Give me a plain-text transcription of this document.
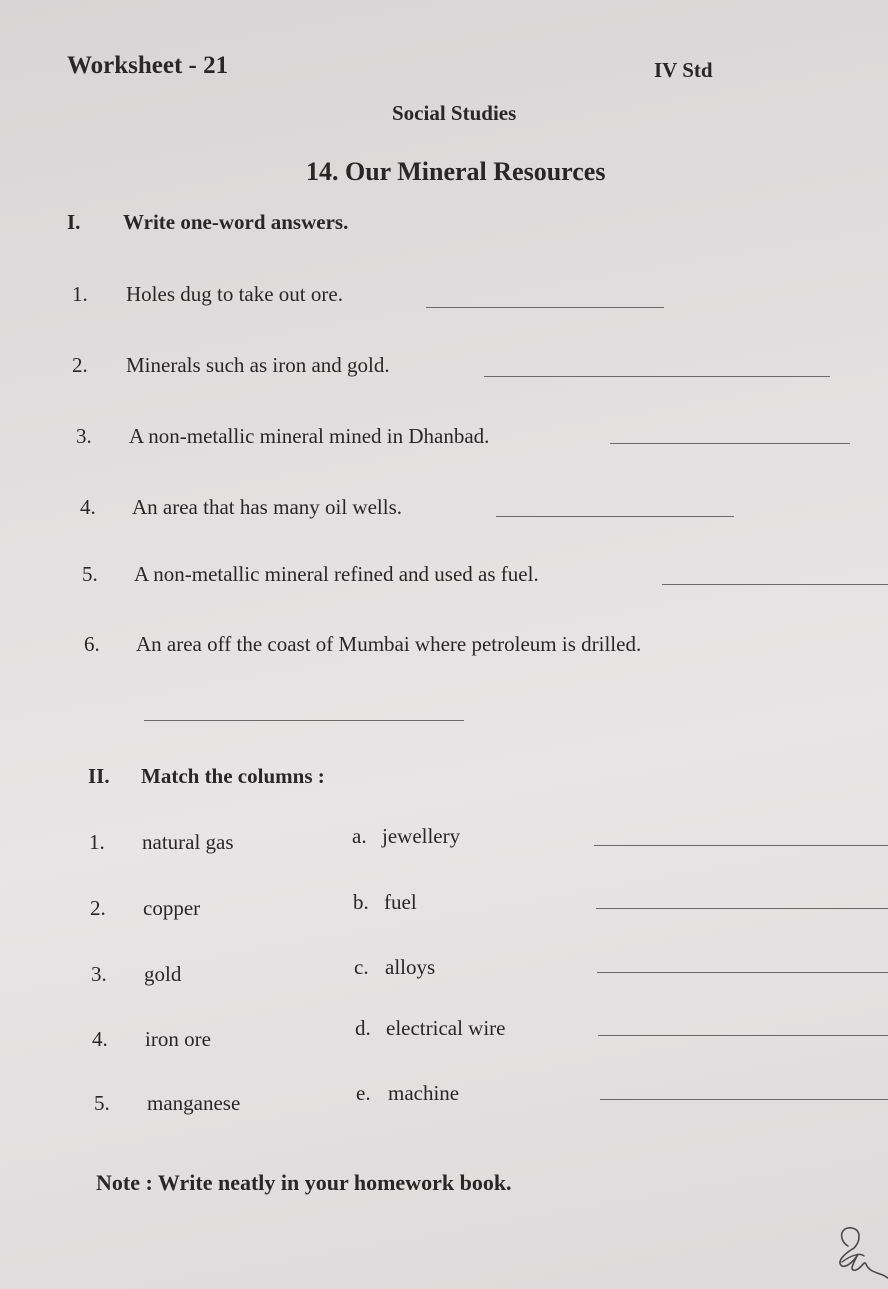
Worksheet - 21	IV Std
Social Studies
14. Our Mineral Resources
I. Write one-word answers.
1. Holes dug to take out ore.
2. Minerals such as iron and gold.
3. A non-metallic mineral mined in Dhanbad.
4. An area that has many oil wells.
5. A non-metallic mineral refined and used as fuel.
6. An area off the coast of Mumbai where petroleum is drilled.
II. Match the columns :
1. natural gas	a. jewellery
2. copper	b. fuel
3. gold	c. alloys
4. iron ore	d. electrical wire
5. manganese	e. machine
Note : Write neatly in your homework book.
